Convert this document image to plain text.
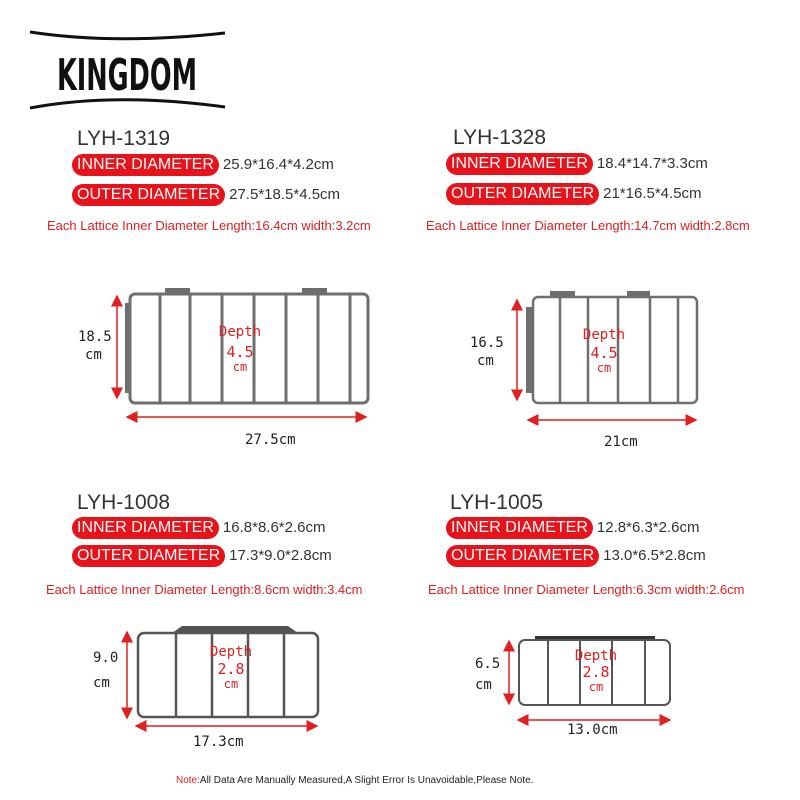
KINGDOM
LYH-1319
INNER DIAMETER 25.9*16.4*4.2cm
OUTER DIAMETER 27.5*18.5*4.5cm
Each Lattice Inner Diameter Length:16.4cm width:3.2cm
18.5
cm
27.5cm
Depth
4.5
cm
LYH-1328
INNER DIAMETER 18.4*14.7*3.3cm
OUTER DIAMETER 21*16.5*4.5cm
Each Lattice Inner Diameter Length:14.7cm width:2.8cm
16.5
cm
21cm
Depth
4.5
cm
LYH-1008
INNER DIAMETER 16.8*8.6*2.6cm
OUTER DIAMETER 17.3*9.0*2.8cm
Each Lattice Inner Diameter Length:8.6cm width:3.4cm
9.0
cm
17.3cm
Depth
2.8
cm
LYH-1005
INNER DIAMETER 12.8*6.3*2.6cm
OUTER DIAMETER 13.0*6.5*2.8cm
Each Lattice Inner Diameter Length:6.3cm width:2.6cm
6.5
cm
13.0cm
Depth
2.8
cm
Note:All Data Are Manually Measured,A Slight Error Is Unavoidable,Please Note.
